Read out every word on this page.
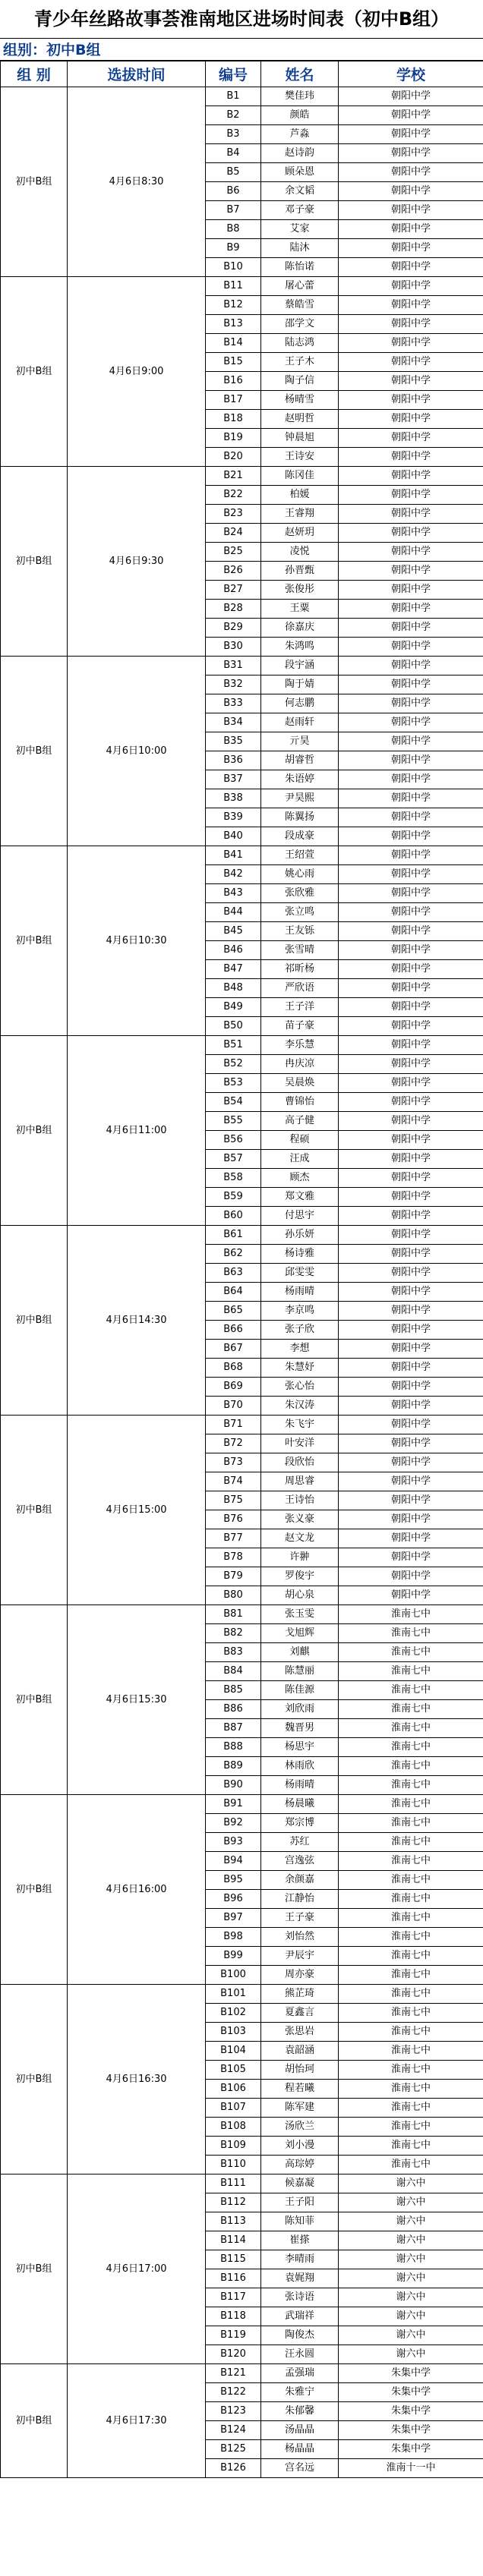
青少年丝路故事荟淮南地区进场时间表（初中B组）
组别：初中B组
组 别	选拔时间	编号	姓名	学校
初中B组	4月6日8:30	B1	樊佳玮	朝阳中学
		B2	颜皓	朝阳中学
		B3	芦淼	朝阳中学
		B4	赵诗韵	朝阳中学
		B5	顾朵恩	朝阳中学
		B6	余文韬	朝阳中学
		B7	邓子豪	朝阳中学
		B8	艾家	朝阳中学
		B9	陆沐	朝阳中学
		B10	陈怡诺	朝阳中学
初中B组	4月6日9:00	B11	屠心蕾	朝阳中学
		B12	蔡皓雪	朝阳中学
		B13	邵学文	朝阳中学
		B14	陆志鸿	朝阳中学
		B15	王子木	朝阳中学
		B16	陶子信	朝阳中学
		B17	杨晴雪	朝阳中学
		B18	赵明哲	朝阳中学
		B19	钟晨旭	朝阳中学
		B20	王诗安	朝阳中学
初中B组	4月6日9:30	B21	陈冈佳	朝阳中学
		B22	柏媛	朝阳中学
		B23	王睿翔	朝阳中学
		B24	赵妍玥	朝阳中学
		B25	凌悦	朝阳中学
		B26	孙晋甄	朝阳中学
		B27	张俊彤	朝阳中学
		B28	王粟	朝阳中学
		B29	徐嘉庆	朝阳中学
		B30	朱鸿鸣	朝阳中学
初中B组	4月6日10:00	B31	段宇涵	朝阳中学
		B32	陶于婧	朝阳中学
		B33	何志鹏	朝阳中学
		B34	赵雨轩	朝阳中学
		B35	亓昊	朝阳中学
		B36	胡睿哲	朝阳中学
		B37	朱语婷	朝阳中学
		B38	尹昊熙	朝阳中学
		B39	陈翼扬	朝阳中学
		B40	段成豪	朝阳中学
初中B组	4月6日10:30	B41	王绍萱	朝阳中学
		B42	姚心雨	朝阳中学
		B43	张欣雅	朝阳中学
		B44	张立鸣	朝阳中学
		B45	王友铄	朝阳中学
		B46	张雪晴	朝阳中学
		B47	祁昕杨	朝阳中学
		B48	严欣语	朝阳中学
		B49	王子洋	朝阳中学
		B50	苗子豪	朝阳中学
初中B组	4月6日11:00	B51	李乐慧	朝阳中学
		B52	冉庆凉	朝阳中学
		B53	吴晨焕	朝阳中学
		B54	曹锦怡	朝阳中学
		B55	高子健	朝阳中学
		B56	程硕	朝阳中学
		B57	汪成	朝阳中学
		B58	顾杰	朝阳中学
		B59	郑文雅	朝阳中学
		B60	付思宇	朝阳中学
初中B组	4月6日14:30	B61	孙乐妍	朝阳中学
		B62	杨诗雅	朝阳中学
		B63	邱雯雯	朝阳中学
		B64	杨雨晴	朝阳中学
		B65	李京鸣	朝阳中学
		B66	张子欣	朝阳中学
		B67	李想	朝阳中学
		B68	朱慧妤	朝阳中学
		B69	张心怡	朝阳中学
		B70	朱汉涛	朝阳中学
初中B组	4月6日15:00	B71	朱飞宇	朝阳中学
		B72	叶安洋	朝阳中学
		B73	段欣怡	朝阳中学
		B74	周思睿	朝阳中学
		B75	王诗怡	朝阳中学
		B76	张义豪	朝阳中学
		B77	赵文龙	朝阳中学
		B78	许翀	朝阳中学
		B79	罗俊宇	朝阳中学
		B80	胡心泉	朝阳中学
初中B组	4月6日15:30	B81	张玉雯	淮南七中
		B82	戈旭辉	淮南七中
		B83	刘麒	淮南七中
		B84	陈慧丽	淮南七中
		B85	陈佳源	淮南七中
		B86	刘欣雨	淮南七中
		B87	魏晋男	淮南七中
		B88	杨思宇	淮南七中
		B89	林雨欣	淮南七中
		B90	杨雨晴	淮南七中
初中B组	4月6日16:00	B91	杨晨曦	淮南七中
		B92	郑宗博	淮南七中
		B93	苏红	淮南七中
		B94	宫逸弦	淮南七中
		B95	余颜嘉	淮南七中
		B96	江静怡	淮南七中
		B97	王子豪	淮南七中
		B98	刘怡然	淮南七中
		B99	尹辰宇	淮南七中
		B100	周亦豪	淮南七中
初中B组	4月6日16:30	B101	熊芷琦	淮南七中
		B102	夏鑫言	淮南七中
		B103	张思岩	淮南七中
		B104	袁韶涵	淮南七中
		B105	胡怡珂	淮南七中
		B106	程若曦	淮南七中
		B107	陈军建	淮南七中
		B108	汤欣兰	淮南七中
		B109	刘小漫	淮南七中
		B110	高琮婷	淮南七中
初中B组	4月6日17:00	B111	候嘉凝	谢六中
		B112	王子阳	谢六中
		B113	陈知菲	谢六中
		B114	崔搽	谢六中
		B115	李晴雨	谢六中
		B116	袁娓翔	谢六中
		B117	张诗语	谢六中
		B118	武瑞祥	谢六中
		B119	陶俊杰	谢六中
		B120	汪永圆	谢六中
初中B组	4月6日17:30	B121	孟强瑞	朱集中学
		B122	朱雅宁	朱集中学
		B123	朱郁馨	朱集中学
		B124	汤晶晶	朱集中学
		B125	杨晶晶	朱集中学
		B126	宫名远	淮南十一中
